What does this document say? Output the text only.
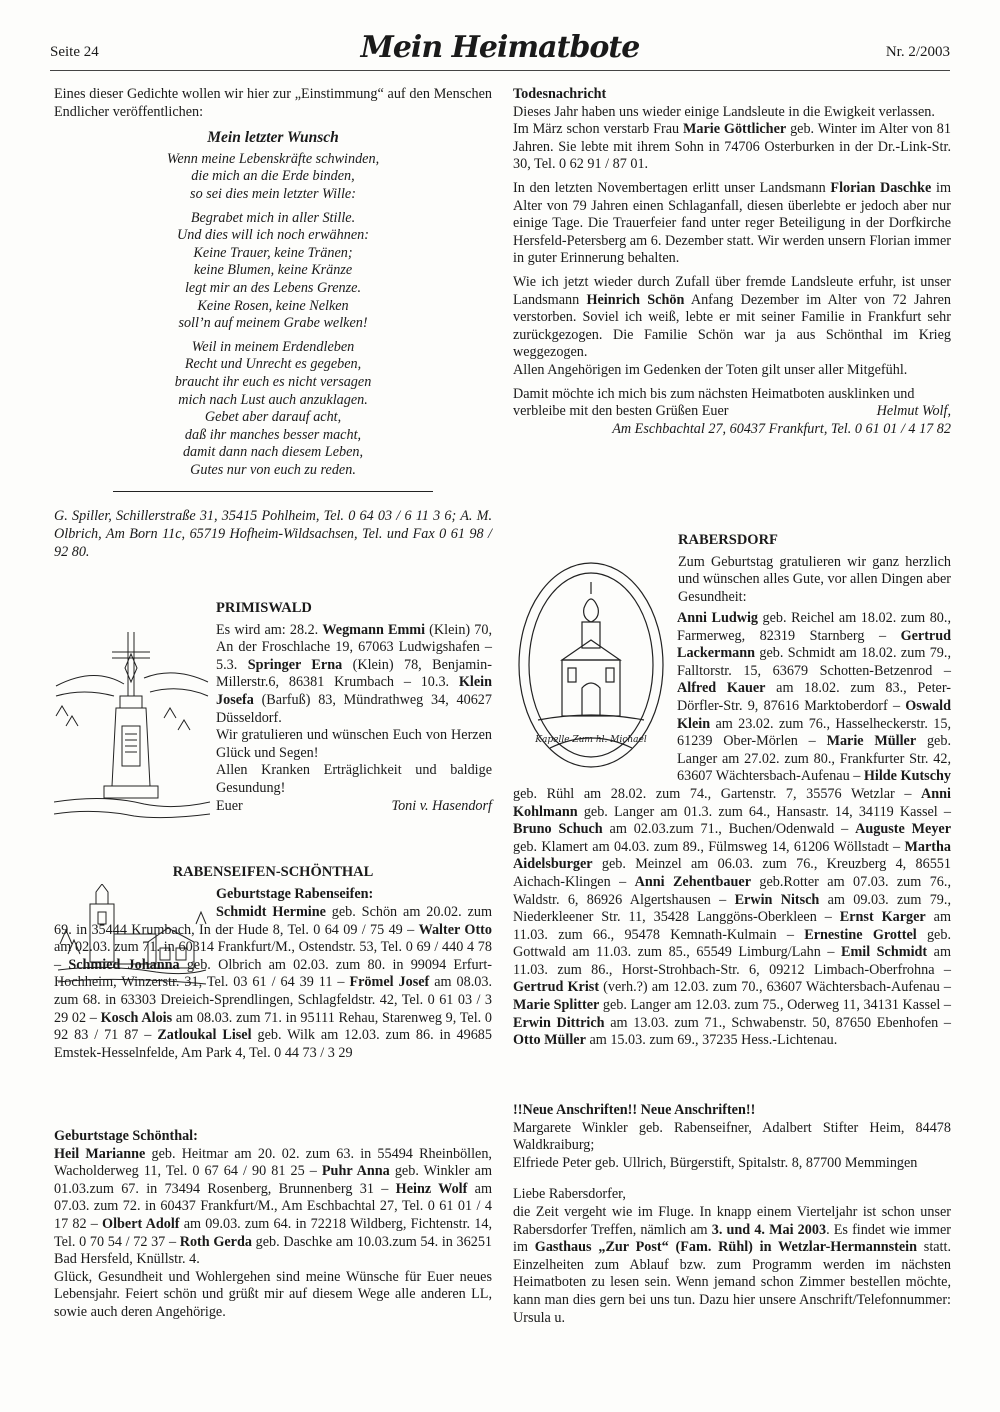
Seite 24	Mein Heimatbote	Nr. 2/2003

Eines dieser Gedichte wollen wir hier zur „Einstimmung“ auf den Menschen Endlicher veröffentlichen:

Mein letzter Wunsch
Wenn meine Lebenskräfte schwinden,
die mich an die Erde binden,
so sei dies mein letzter Wille:
Begrabet mich in aller Stille.
Und dies will ich noch erwähnen:
Keine Trauer, keine Tränen;
keine Blumen, keine Kränze
legt mir an des Lebens Grenze.
Keine Rosen, keine Nelken
soll’n auf meinem Grabe welken!
Weil in meinem Erdendleben
Recht und Unrecht es gegeben,
braucht ihr euch es nicht versagen
mich nach Lust auch anzuklagen.
Gebet aber darauf acht,
daß ihr manches besser macht,
damit dann nach diesem Leben,
Gutes nur von euch zu reden.

G. Spiller, Schillerstraße 31, 35415 Pohlheim, Tel. 0 64 03 / 6 11 3 6; A. M. Olbrich, Am Born 11c, 65719 Hofheim-Wildsachsen, Tel. und Fax 0 61 98 / 92 80.

PRIMISWALD

Es wird am: 28.2. Wegmann Emmi (Klein) 70, An der Froschlache 19, 67063 Ludwigshafen – 5.3. Springer Erna (Klein) 78, Benjamin-Millerstr.6, 86381 Krumbach – 10.3. Klein Josefa (Barfuß) 83, Mündrathweg 34, 40627 Düsseldorf.

Wir gratulieren und wünschen Euch von Herzen Glück und Segen!

Allen Kranken Erträglichkeit und baldige Gesundung!

Euer	Toni v. Hasendorf

RABENSEIFEN-SCHÖNTHAL
Geburtstage Rabenseifen:

Schmidt Hermine geb. Schön am 20.02. zum 69. in 35444 Krumbach, In der Hude 8, Tel. 0 64 09 / 75 49 – Walter Otto am 02.03. zum 71. in 60314 Frankfurt/M., Ostendstr. 53, Tel. 0 69 / 440 4 78 – Schmied Johanna geb. Olbrich am 02.03. zum 80. in 99094 Erfurt-Hochheim, Winzerstr. 31, Tel. 03 61 / 64 39 11 – Frömel Josef am 08.03. zum 68. in 63303 Dreieich-Sprendlingen, Schlagfeldstr. 42, Tel. 0 61 03 / 3 29 02 – Kosch Alois am 08.03. zum 71. in 95111 Rehau, Starenweg 9, Tel. 0 92 83 / 71 87 – Zatloukal Lisel geb. Wilk am 12.03. zum 86. in 49685 Emstek-Hesselnfelde, Am Park 4, Tel. 0 44 73 / 3 29

Geburtstage Schönthal:

Heil Marianne geb. Heitmar am 20. 02. zum 63. in 55494 Rheinböllen, Wacholderweg 11, Tel. 0 67 64 / 90 81 25 – Puhr Anna geb. Winkler am 01.03.zum 67. in 73494 Rosenberg, Brunnenberg 31 – Heinz Wolf am 07.03. zum 72. in 60437 Frankfurt/M., Am Eschbachtal 27, Tel. 0 61 01 / 4 17 82 – Olbert Adolf am 09.03. zum 64. in 72218 Wildberg, Fichtenstr. 14, Tel. 0 70 54 / 72 37 – Roth Gerda geb. Daschke am 10.03.zum 54. in 36251 Bad Hersfeld, Knüllstr. 4.

Glück, Gesundheit und Wohlergehen sind meine Wünsche für Euer neues Lebensjahr. Feiert schön und grüßt mir auf diesem Wege alle anderen LL, sowie auch deren Angehörige.

Todesnachricht

Dieses Jahr haben uns wieder einige Landsleute in die Ewigkeit verlassen.

Im März schon verstarb Frau Marie Göttlicher geb. Winter im Alter von 81 Jahren. Sie lebte mit ihrem Sohn in 74706 Osterburken in der Dr.-Link-Str. 30, Tel. 0 62 91 / 87 01.

In den letzten Novembertagen erlitt unser Landsmann Florian Daschke im Alter von 79 Jahren einen Schlaganfall, diesen überlebte er jedoch aber nur einige Tage. Die Trauerfeier fand unter reger Beteiligung in der Dorfkirche Hersfeld-Petersberg am 6. Dezember statt. Wir werden unsern Florian immer in guter Erinnerung behalten.

Wie ich jetzt wieder durch Zufall über fremde Landsleute erfuhr, ist unser Landsmann Heinrich Schön Anfang Dezember im Alter von 72 Jahren verstorben. Soviel ich weiß, lebte er mit seiner Familie in Frankfurt sehr zurückgezogen. Die Familie Schön war ja aus Schönthal im Krieg weggezogen.

Allen Angehörigen im Gedenken der Toten gilt unser aller Mitgefühl.

Damit möchte ich mich bis zum nächsten Heimatboten ausklinken und verbleibe mit den besten Grüßen Euer	Helmut Wolf,

Am Eschbachtal 27, 60437 Frankfurt, Tel. 0 61 01 / 4 17 82

Kapelle Zum hl. Michael
RABERSDORF

Zum Geburtstag gratulieren wir ganz herzlich und wünschen alles Gute, vor allen Dingen aber Gesundheit:

Anni Ludwig geb. Reichel am 18.02. zum 80., Farmerweg, 82319 Starnberg – Gertrud Lackermann geb. Schmidt am 18.02. zum 79., Falltorstr. 15, 63679 Schotten-Betzenrod – Alfred Kauer am 18.02. zum 83., Peter-Dörfler-Str. 9, 87616 Marktoberdorf – Oswald Klein am 23.02. zum 76., Hasselheckerstr. 15, 61239 Ober-Mörlen – Marie Müller geb. Langer am 27.02. zum 80., Frankfurter Str. 42, 63607 Wächtersbach-Aufenau – Hilde Kutschy geb. Rühl am 28.02. zum 74., Gartenstr. 7, 35576 Wetzlar – Anni Kohlmann geb. Langer am 01.3. zum 64., Hansastr. 14, 34119 Kassel – Bruno Schuch am 02.03.zum 71., Buchen/Odenwald – Auguste Meyer geb. Klamert am 04.03. zum 89., Fülmsweg 14, 61206 Wöllstadt – Martha Aidelsburger geb. Meinzel am 06.03. zum 76., Kreuzberg 4, 86551 Aichach-Klingen – Anni Zehentbauer geb.Rotter am 07.03. zum 76., Waldstr. 6, 86926 Algertshausen – Erwin Nitsch am 09.03. zum 79., Niederkleener Str. 11, 35428 Langgöns-Oberkleen – Ernst Karger am 11.03. zum 66., 95478 Kemnath-Kulmain – Ernestine Grottel geb. Gottwald am 11.03. zum 85., 65549 Limburg/Lahn – Emil Schmidt am 11.03. zum 86., Horst-Strohbach-Str. 6, 09212 Limbach-Oberfrohna – Gertrud Krist (verh.?) am 12.03. zum 70., 63607 Wächtersbach-Aufenau – Marie Splitter geb. Langer am 12.03. zum 75., Oderweg 11, 34131 Kassel – Erwin Dittrich am 13.03. zum 71., Schwabenstr. 50, 87650 Ebenhofen – Otto Müller am 15.03. zum 69., 37235 Hess.-Lichtenau.

!!Neue Anschriften!! Neue Anschriften!!

Margarete Winkler geb. Rabenseifner, Adalbert Stifter Heim, 84478 Waldkraiburg;

Elfriede Peter geb. Ullrich, Bürgerstift, Spitalstr. 8, 87700 Memmingen

Liebe Rabersdorfer,

die Zeit vergeht wie im Fluge. In knapp einem Vierteljahr ist schon unser Rabersdorfer Treffen, nämlich am 3. und 4. Mai 2003. Es findet wie immer im Gasthaus „Zur Post“ (Fam. Rühl) in Wetzlar-Hermannstein statt. Einzelheiten zum Ablauf bzw. zum Programm werden im nächsten Heimatboten zu lesen sein. Wenn jemand schon Zimmer bestellen möchte, kann man dies gern bei uns tun. Dazu hier unsere Anschrift/Telefonnummer: Ursula u.
